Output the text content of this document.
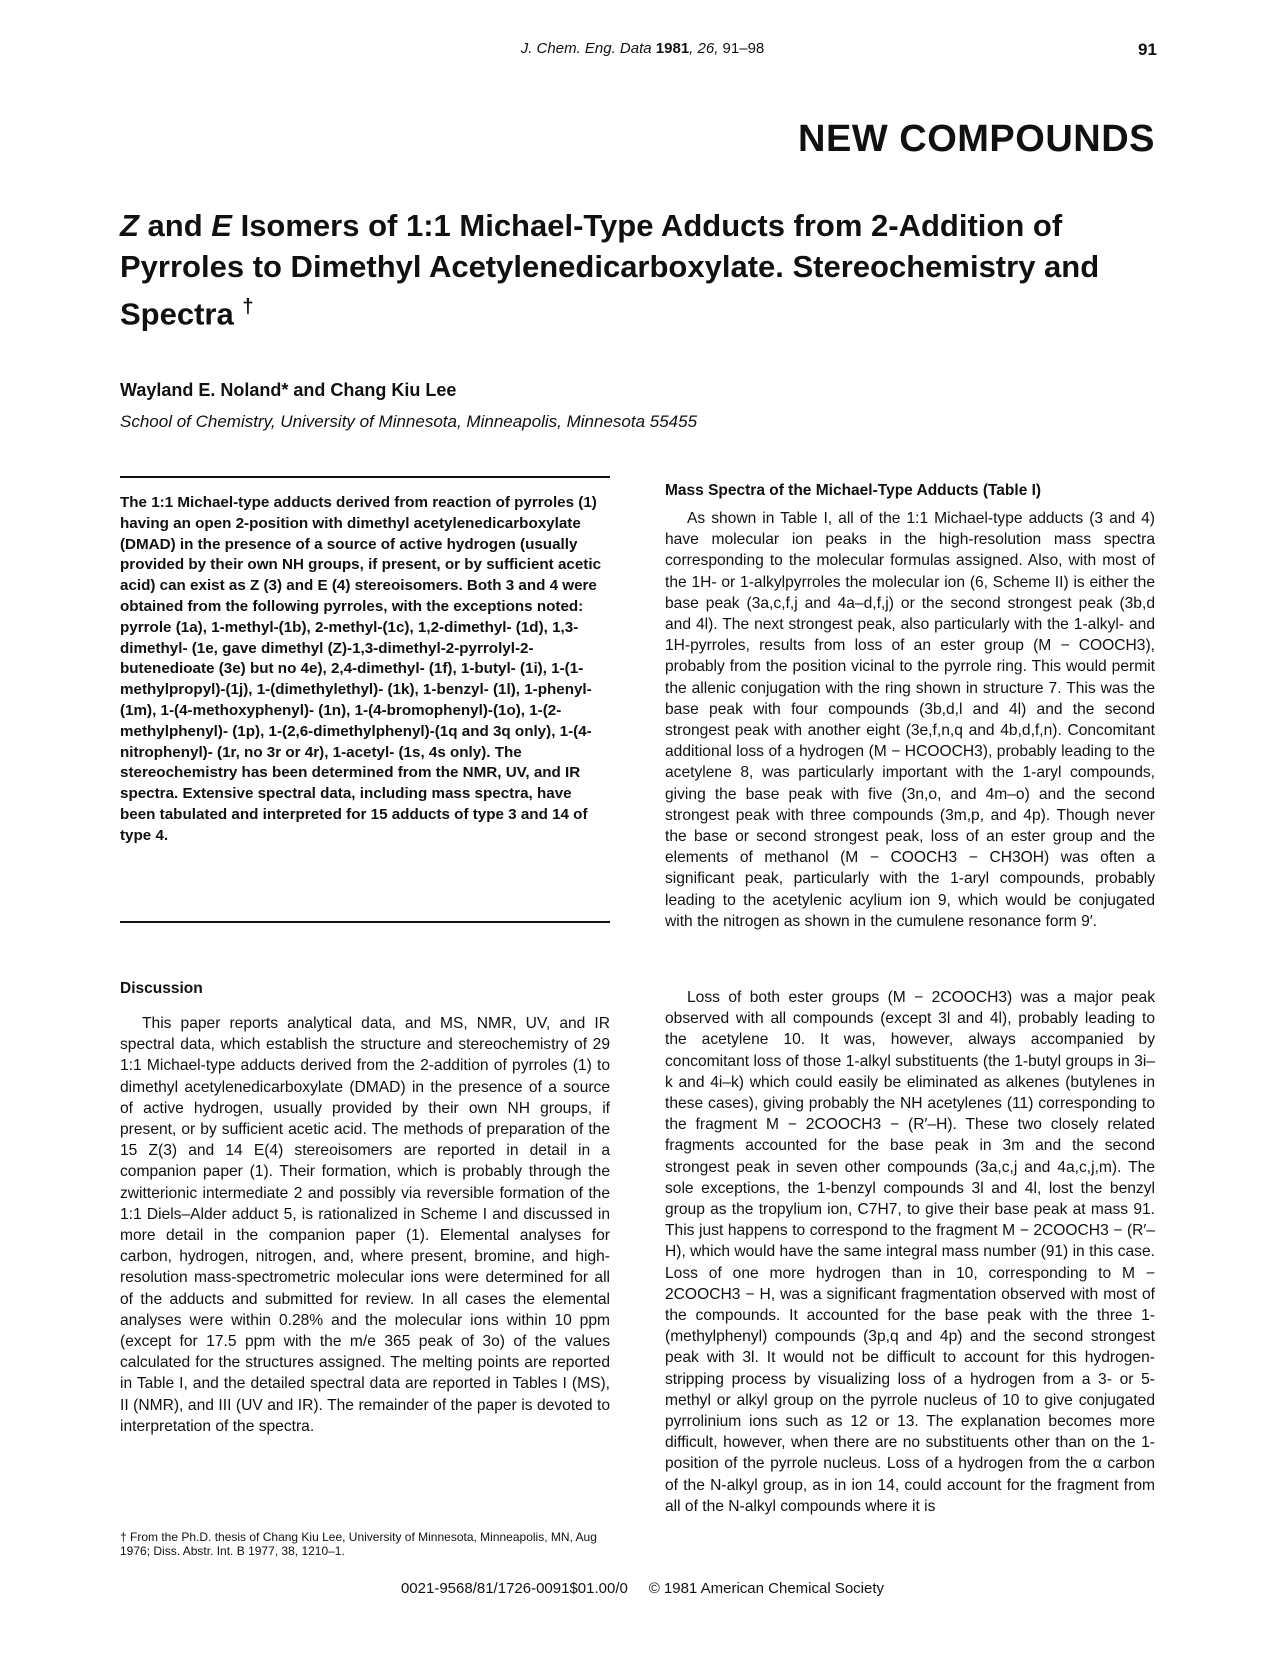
J. Chem. Eng. Data 1981, 26, 91–98	91
NEW COMPOUNDS
Z and E Isomers of 1:1 Michael-Type Adducts from 2-Addition of Pyrroles to Dimethyl Acetylenedicarboxylate. Stereochemistry and Spectra †
Wayland E. Noland* and Chang Kiu Lee
School of Chemistry, University of Minnesota, Minneapolis, Minnesota 55455

The 1:1 Michael-type adducts derived from reaction of pyrroles (1) having an open 2-position with dimethyl acetylenedicarboxylate (DMAD) in the presence of a source of active hydrogen (usually provided by their own NH groups, if present, or by sufficient acetic acid) can exist as Z (3) and E (4) stereoisomers. Both 3 and 4 were obtained from the following pyrroles, with the exceptions noted: pyrrole (1a), 1-methyl-(1b), 2-methyl-(1c), 1,2-dimethyl- (1d), 1,3-dimethyl- (1e, gave dimethyl (Z)-1,3-dimethyl-2-pyrrolyl-2-butenedioate (3e) but no 4e), 2,4-dimethyl- (1f), 1-butyl- (1i), 1-(1-methylpropyl)-(1j), 1-(dimethylethyl)- (1k), 1-benzyl- (1l), 1-phenyl-(1m), 1-(4-methoxyphenyl)- (1n), 1-(4-bromophenyl)-(1o), 1-(2-methylphenyl)- (1p), 1-(2,6-dimethylphenyl)-(1q and 3q only), 1-(4-nitrophenyl)- (1r, no 3r or 4r), 1-acetyl- (1s, 4s only). The stereochemistry has been determined from the NMR, UV, and IR spectra. Extensive spectral data, including mass spectra, have been tabulated and interpreted for 15 adducts of type 3 and 14 of type 4.

Discussion

This paper reports analytical data, and MS, NMR, UV, and IR spectral data, which establish the structure and stereochemistry of 29 1:1 Michael-type adducts derived from the 2-addition of pyrroles (1) to dimethyl acetylenedicarboxylate (DMAD) in the presence of a source of active hydrogen, usually provided by their own NH groups, if present, or by sufficient acetic acid. The methods of preparation of the 15 Z(3) and 14 E(4) stereoisomers are reported in detail in a companion paper (1). Their formation, which is probably through the zwitterionic intermediate 2 and possibly via reversible formation of the 1:1 Diels–Alder adduct 5, is rationalized in Scheme I and discussed in more detail in the companion paper (1). Elemental analyses for carbon, hydrogen, nitrogen, and, where present, bromine, and high-resolution mass-spectrometric molecular ions were determined for all of the adducts and submitted for review. In all cases the elemental analyses were within 0.28% and the molecular ions within 10 ppm (except for 17.5 ppm with the m/e 365 peak of 3o) of the values calculated for the structures assigned. The melting points are reported in Table I, and the detailed spectral data are reported in Tables I (MS), II (NMR), and III (UV and IR). The remainder of the paper is devoted to interpretation of the spectra.

† From the Ph.D. thesis of Chang Kiu Lee, University of Minnesota, Minneapolis, MN, Aug 1976; Diss. Abstr. Int. B 1977, 38, 1210–1.

Mass Spectra of the Michael-Type Adducts (Table I)

As shown in Table I, all of the 1:1 Michael-type adducts (3 and 4) have molecular ion peaks in the high-resolution mass spectra corresponding to the molecular formulas assigned. Also, with most of the 1H- or 1-alkylpyrroles the molecular ion (6, Scheme II) is either the base peak (3a,c,f,j and 4a–d,f,j) or the second strongest peak (3b,d and 4l). The next strongest peak, also particularly with the 1-alkyl- and 1H-pyrroles, results from loss of an ester group (M − COOCH3), probably from the position vicinal to the pyrrole ring. This would permit the allenic conjugation with the ring shown in structure 7. This was the base peak with four compounds (3b,d,l and 4l) and the second strongest peak with another eight (3e,f,n,q and 4b,d,f,n). Concomitant additional loss of a hydrogen (M − HCOOCH3), probably leading to the acetylene 8, was particularly important with the 1-aryl compounds, giving the base peak with five (3n,o, and 4m–o) and the second strongest peak with three compounds (3m,p, and 4p). Though never the base or second strongest peak, loss of an ester group and the elements of methanol (M − COOCH3 − CH3OH) was often a significant peak, particularly with the 1-aryl compounds, probably leading to the acetylenic acylium ion 9, which would be conjugated with the nitrogen as shown in the cumulene resonance form 9′.

Loss of both ester groups (M − 2COOCH3) was a major peak observed with all compounds (except 3l and 4l), probably leading to the acetylene 10. It was, however, always accompanied by concomitant loss of those 1-alkyl substituents (the 1-butyl groups in 3i–k and 4i–k) which could easily be eliminated as alkenes (butylenes in these cases), giving probably the NH acetylenes (11) corresponding to the fragment M − 2COOCH3 − (R′–H). These two closely related fragments accounted for the base peak in 3m and the second strongest peak in seven other compounds (3a,c,j and 4a,c,j,m). The sole exceptions, the 1-benzyl compounds 3l and 4l, lost the benzyl group as the tropylium ion, C7H7, to give their base peak at mass 91. This just happens to correspond to the fragment M − 2COOCH3 − (R′–H), which would have the same integral mass number (91) in this case. Loss of one more hydrogen than in 10, corresponding to M − 2COOCH3 − H, was a significant fragmentation observed with most of the compounds. It accounted for the base peak with the three 1-(methylphenyl) compounds (3p,q and 4p) and the second strongest peak with 3l. It would not be difficult to account for this hydrogen-stripping process by visualizing loss of a hydrogen from a 3- or 5-methyl or alkyl group on the pyrrole nucleus of 10 to give conjugated pyrrolinium ions such as 12 or 13. The explanation becomes more difficult, however, when there are no substituents other than on the 1-position of the pyrrole nucleus. Loss of a hydrogen from the α carbon of the N-alkyl group, as in ion 14, could account for the fragment from all of the N-alkyl compounds where it is

0021-9568/81/1726-0091$01.00/0 © 1981 American Chemical Society
